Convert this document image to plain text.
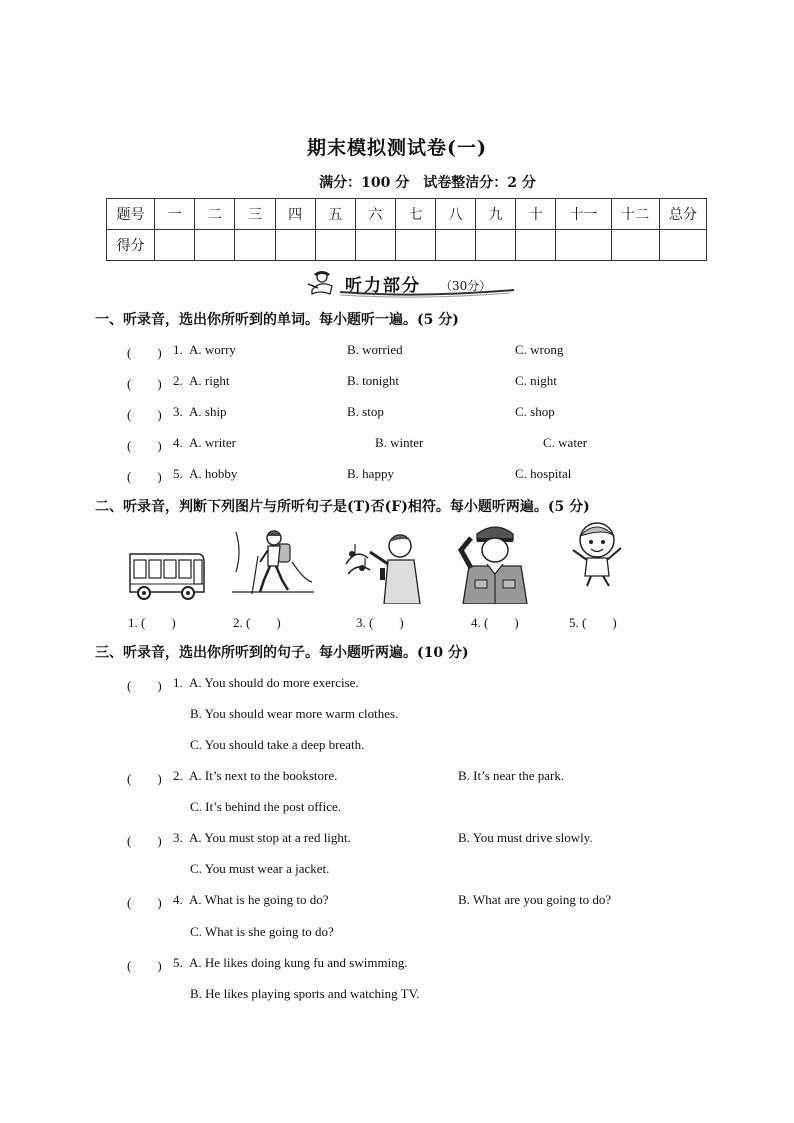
期末模拟测试卷(一)
满分：100 分　试卷整洁分：2 分
题号	一	二	三	四	五	六	七	八	九	十	十一	十二	总分
得分													
听力部分 （30分）
一、听录音，选出你所听到的单词。每小题听一遍。(5 分)
(　　) 1. A. worry	B. worried	C. wrong
(　　) 2. A. right	B. tonight	C. night
(　　) 3. A. ship	B. stop	C. shop
(　　) 4. A. writer	B. winter	C. water
(　　) 5. A. hobby	B. happy	C. hospital
二、听录音，判断下列图片与所听句子是(T)否(F)相符。每小题听两遍。(5 分)
1. (　　)	2. (　　)	3. (　　)	4. (　　)	5. (　　)
三、听录音，选出你所听到的句子。每小题听两遍。(10 分)
(　　) 1. A. You should do more exercise.
B. You should wear more warm clothes.
C. You should take a deep breath.
(　　) 2. A. It’s next to the bookstore.	B. It’s near the park.
C. It’s behind the post office.
(　　) 3. A. You must stop at a red light.	B. You must drive slowly.
C. You must wear a jacket.
(　　) 4. A. What is he going to do?	B. What are you going to do?
C. What is she going to do?
(　　) 5. A. He likes doing kung fu and swimming.
B. He likes playing sports and watching TV.
